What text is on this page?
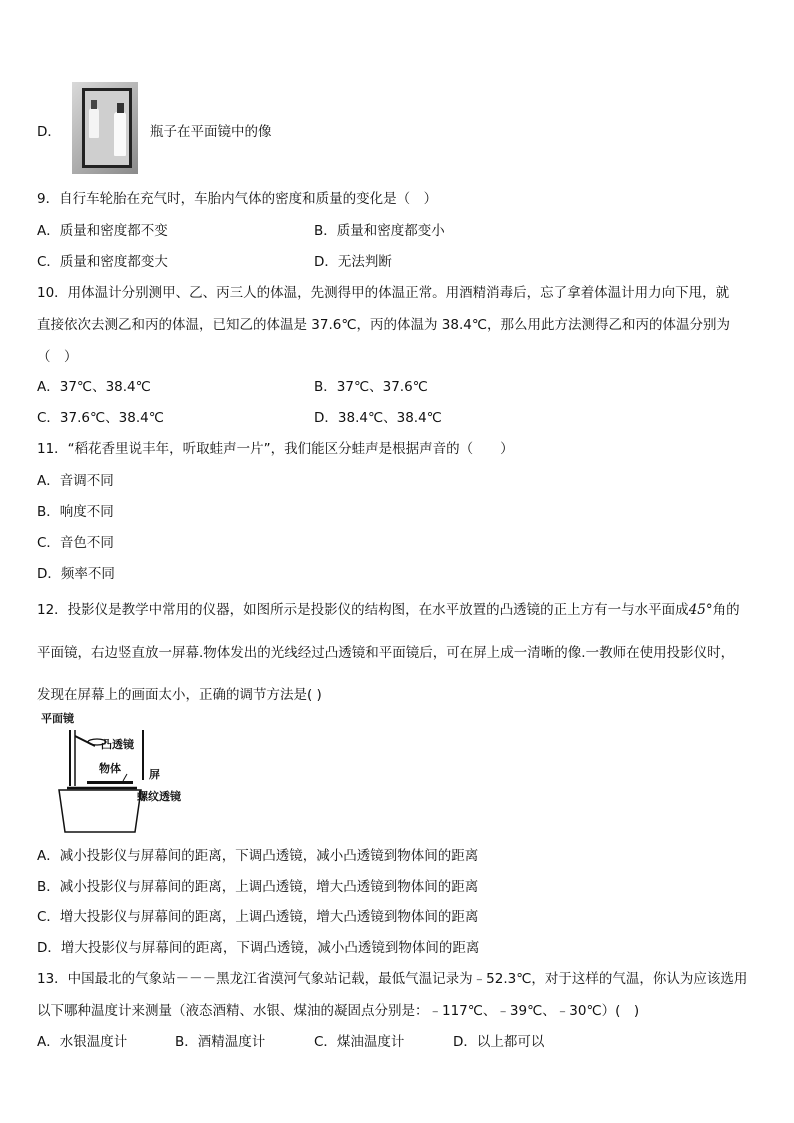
D．	瓶子在平面镜中的像
9．自行车轮胎在充气时，车胎内气体的密度和质量的变化是（　）
A．质量和密度都不变	B．质量和密度都变小
C．质量和密度都变大	D．无法判断
10．用体温计分别测甲、乙、丙三人的体温，先测得甲的体温正常。用酒精消毒后，忘了拿着体温计用力向下甩，就
直接依次去测乙和丙的体温，已知乙的体温是 37.6℃，丙的体温为 38.4℃，那么用此方法测得乙和丙的体温分别为
（　）
A．37℃、38.4℃	B．37℃、37.6℃
C．37.6℃、38.4℃	D．38.4℃、38.4℃
11．“稻花香里说丰年，听取蛙声一片”，我们能区分蛙声是根据声音的（　　）
A．音调不同
B．响度不同
C．音色不同
D．频率不同
12．投影仪是教学中常用的仪器，如图所示是投影仪的结构图，在水平放置的凸透镜的正上方有一与水平面成45°角的
平面镜，右边竖直放一屏幕.物体发出的光线经过凸透镜和平面镜后，可在屏上成一清晰的像.一教师在使用投影仪时，
发现在屏幕上的画面太小，正确的调节方法是( )
平面镜
凸透镜
物体	屏
螺纹透镜
A．减小投影仪与屏幕间的距离，下调凸透镜，减小凸透镜到物体间的距离
B．减小投影仪与屏幕间的距离，上调凸透镜，增大凸透镜到物体间的距离
C．增大投影仪与屏幕间的距离，上调凸透镜，增大凸透镜到物体间的距离
D．增大投影仪与屏幕间的距离，下调凸透镜，减小凸透镜到物体间的距离
13．中国最北的气象站－－－黑龙江省漠河气象站记载，最低气温记录为﹣52.3℃，对于这样的气温，你认为应该选用
以下哪种温度计来测量（液态酒精、水银、煤油的凝固点分别是：﹣117℃、﹣39℃、﹣30℃）(　)
A．水银温度计	B．酒精温度计	C．煤油温度计	D．以上都可以
